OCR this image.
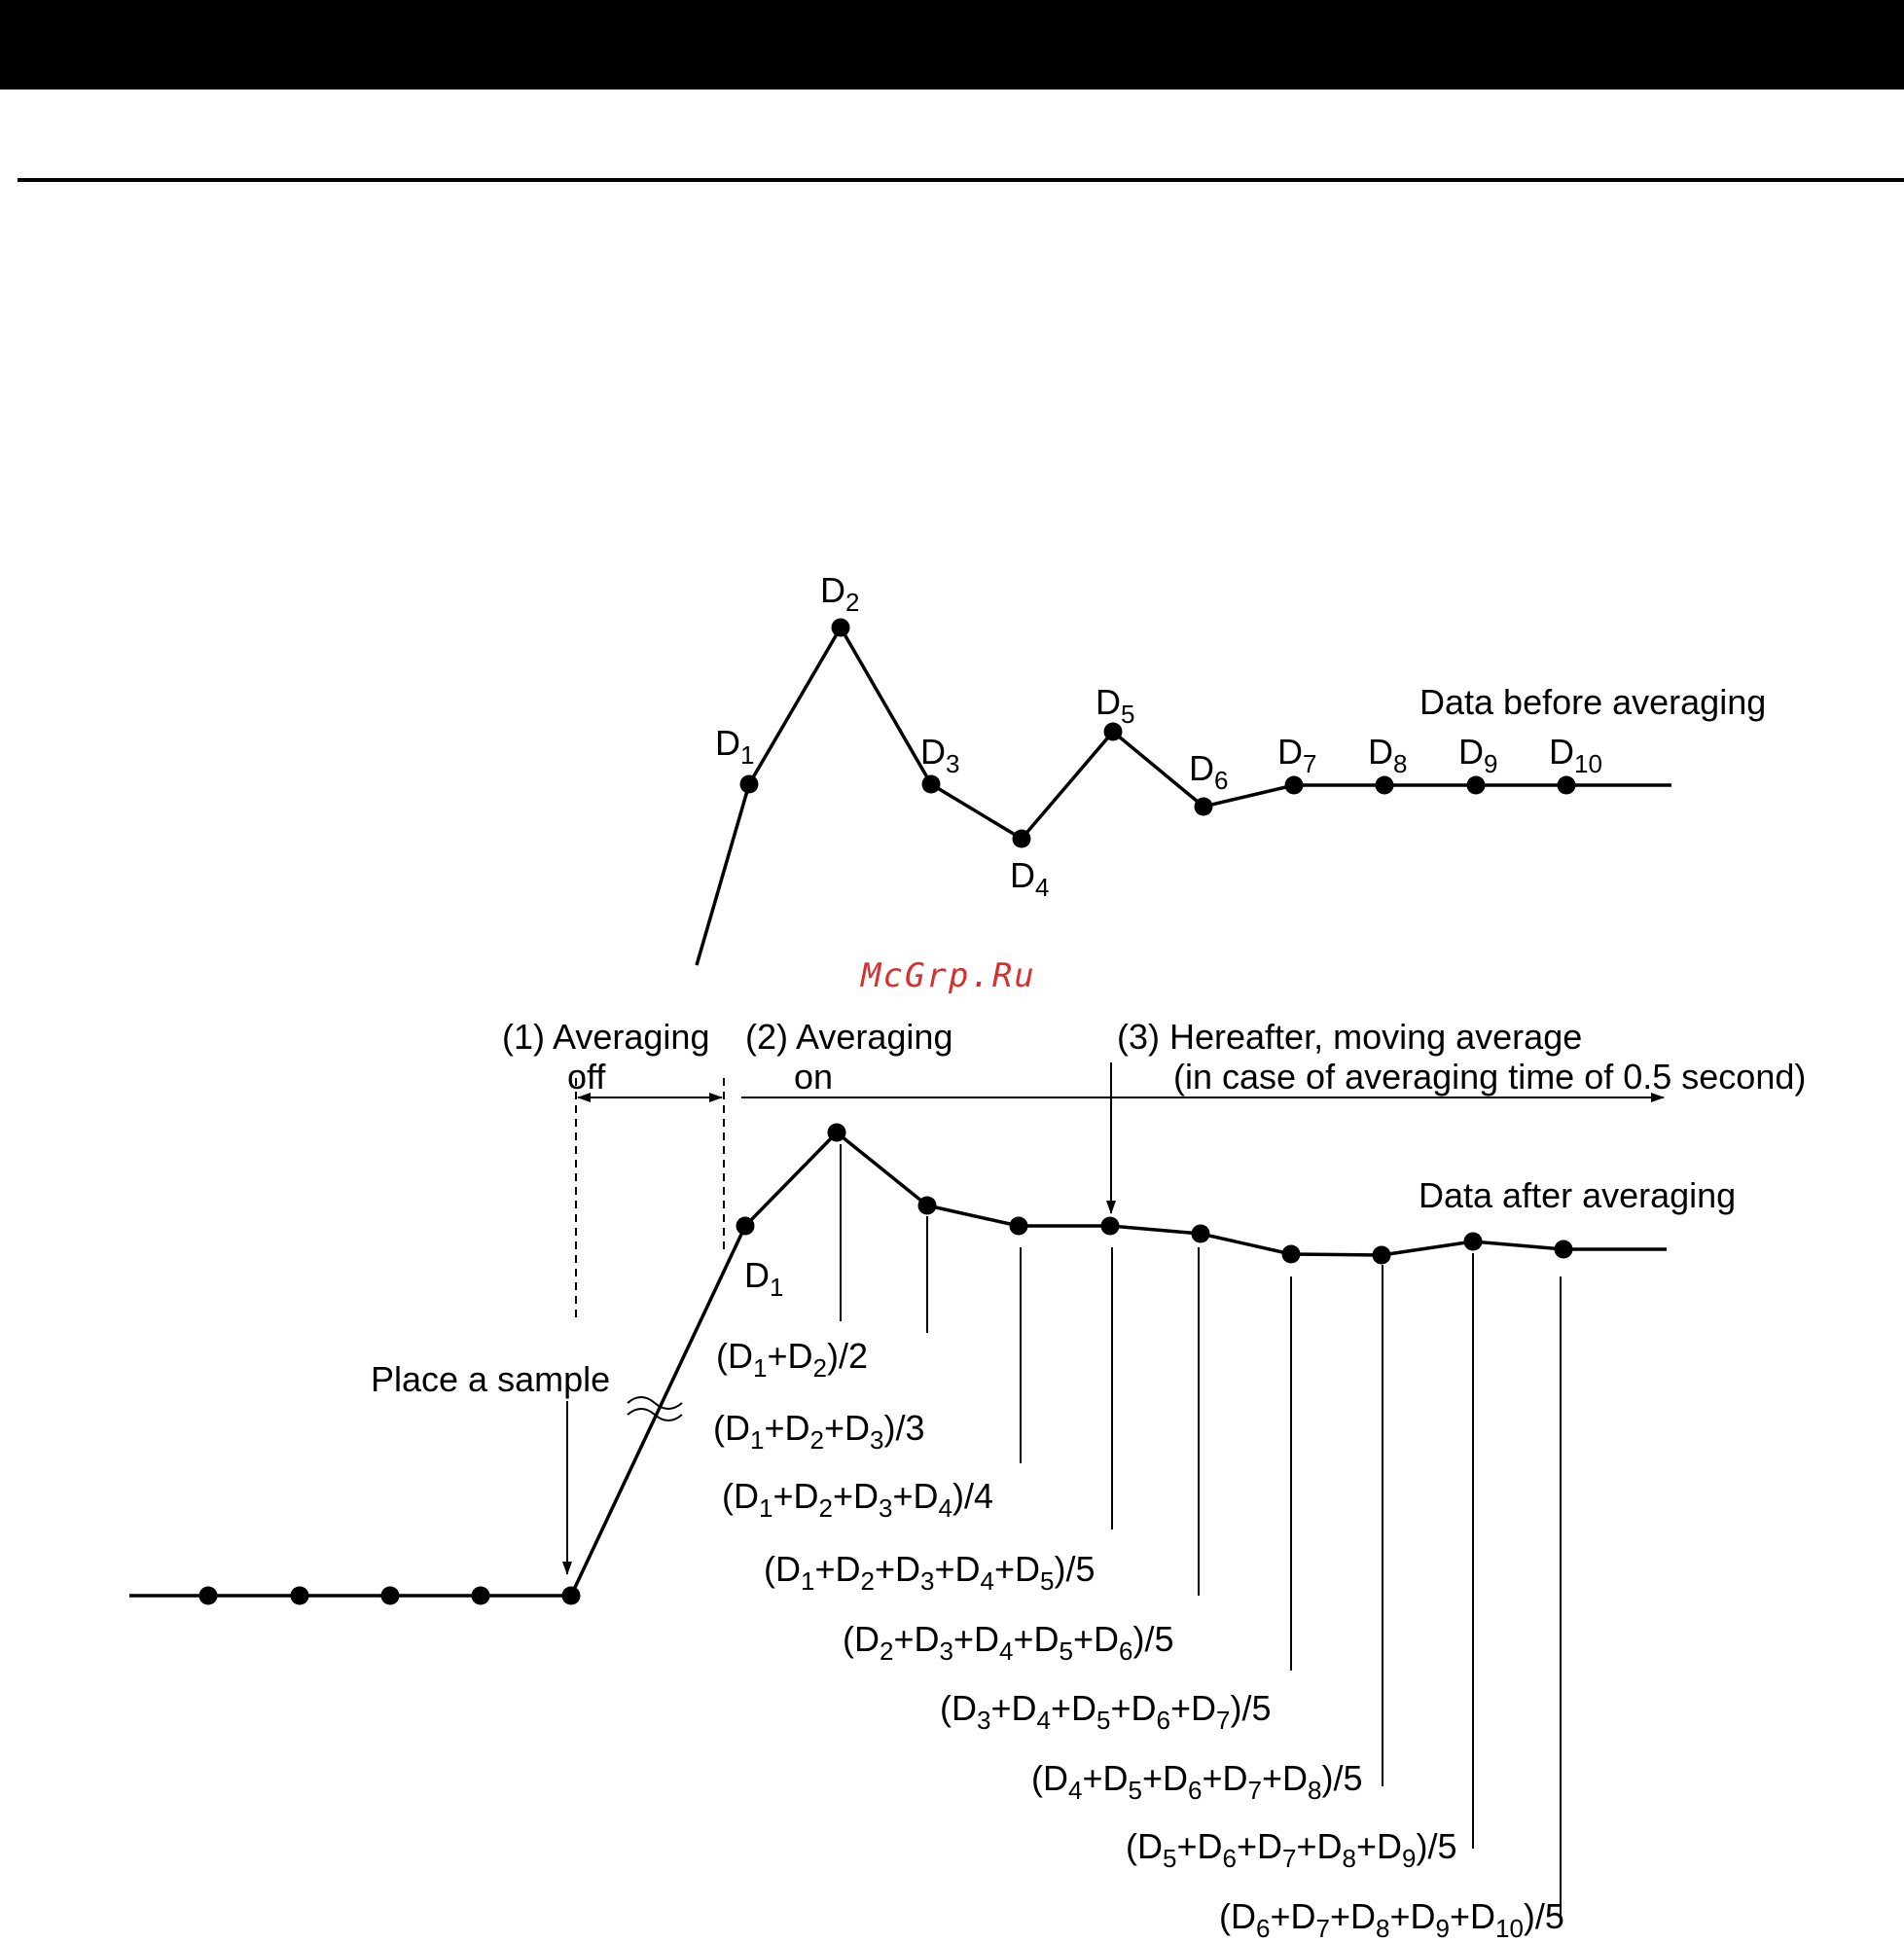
$D_1$
$D_2$
$D_3$
$D_4$
$D_5$
$D_6$
$D_7$ $D_8$ $D_9$ $D_{10}$
Data before averaging
McGrp.Ru
(1) Averaging
off
(2) Averaging
on
(3) Hereafter, moving average
(in case of averaging time of 0.5 second)
$D_1$
Data after averaging
Place a sample
$(D_1+D_2)/2$
$(D_1+D_2+D_3)/3$
$(D_1+D_2+D_3+D_4)/4$
$(D_1+D_2+D_3+D_4+D_5)/5$
$(D_2+D_3+D_4+D_5+D_6)/5$
$(D_3+D_4+D_5+D_6+D_7)/5$
$(D_4+D_5+D_6+D_7+D_8)/5$
$(D_5+D_6+D_7+D_8+D_9)/5$
$(D_6+D_7+D_8+D_9+D_{10})/5$
